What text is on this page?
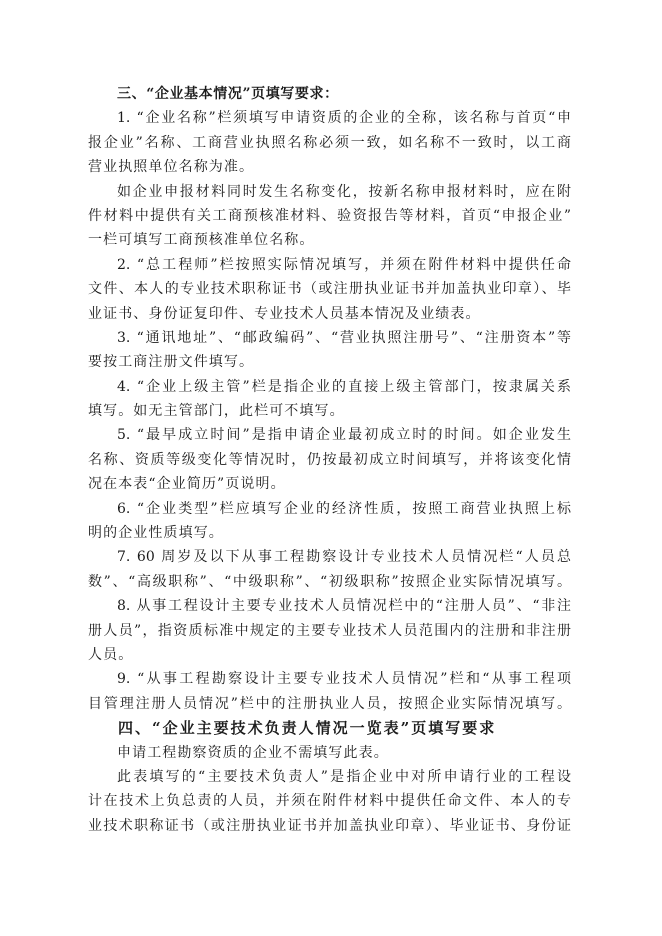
三、“企业基本情况”页填写要求：
1. “企业名称”栏须填写申请资质的企业的全称，该名称与首页“申
报企业”名称、工商营业执照名称必须一致，如名称不一致时，以工商
营业执照单位名称为准。
如企业申报材料同时发生名称变化，按新名称申报材料时，应在附
件材料中提供有关工商预核准材料、验资报告等材料，首页“申报企业”
一栏可填写工商预核准单位名称。
2. “总工程师”栏按照实际情况填写，并须在附件材料中提供任命
文件、本人的专业技术职称证书（或注册执业证书并加盖执业印章）、毕
业证书、身份证复印件、专业技术人员基本情况及业绩表。
3. “通讯地址”、“邮政编码”、“营业执照注册号”、“注册资本”等
要按工商注册文件填写。
4. “企业上级主管”栏是指企业的直接上级主管部门，按隶属关系
填写。如无主管部门，此栏可不填写。
5. “最早成立时间”是指申请企业最初成立时的时间。如企业发生
名称、资质等级变化等情况时，仍按最初成立时间填写，并将该变化情
况在本表“企业简历”页说明。
6. “企业类型”栏应填写企业的经济性质，按照工商营业执照上标
明的企业性质填写。
7. 60 周岁及以下从事工程勘察设计专业技术人员情况栏“人员总
数”、“高级职称”、“中级职称”、“初级职称”按照企业实际情况填写。
8. 从事工程设计主要专业技术人员情况栏中的“注册人员”、“非注
册人员”，指资质标准中规定的主要专业技术人员范围内的注册和非注册
人员。
9. “从事工程勘察设计主要专业技术人员情况”栏和“从事工程项
目管理注册人员情况”栏中的注册执业人员，按照企业实际情况填写。
四、“企业主要技术负责人情况一览表”页填写要求
申请工程勘察资质的企业不需填写此表。
此表填写的“主要技术负责人”是指企业中对所申请行业的工程设
计在技术上负总责的人员，并须在附件材料中提供任命文件、本人的专
业技术职称证书（或注册执业证书并加盖执业印章）、毕业证书、身份证
